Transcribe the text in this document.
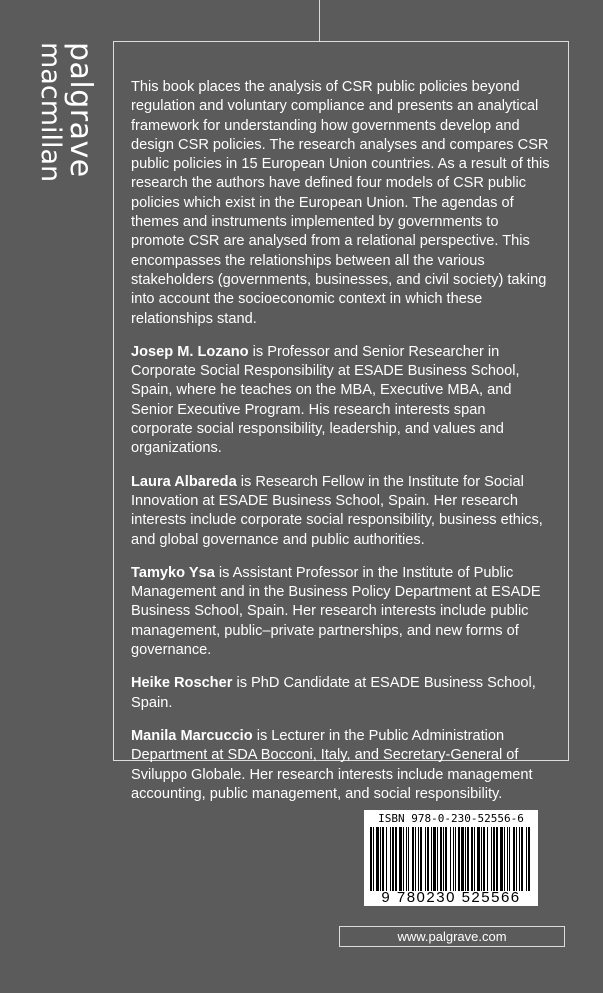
palgrave
macmillan	This book places the analysis of CSR public policies beyond regulation and voluntary compliance and presents an analytical framework for understanding how governments develop and design CSR policies. The research analyses and compares CSR public policies in 15 European Union countries. As a result of this research the authors have defined four models of CSR public policies which exist in the European Union. The agendas of themes and instruments implemented by governments to promote CSR are analysed from a relational perspective. This encompasses the relationships between all the various stakeholders (governments, businesses, and civil society) taking into account the socioeconomic context in which these relationships stand.

Josep M. Lozano is Professor and Senior Researcher in Corporate Social Responsibility at ESADE Business School, Spain, where he teaches on the MBA, Executive MBA, and Senior Executive Program. His research interests span corporate social responsibility, leadership, and values and organizations.

Laura Albareda is Research Fellow in the Institute for Social Innovation at ESADE Business School, Spain. Her research interests include corporate social responsibility, business ethics, and global governance and public authorities.

Tamyko Ysa is Assistant Professor in the Institute of Public Management and in the Business Policy Department at ESADE Business School, Spain. Her research interests include public management, public–private partnerships, and new forms of governance.

Heike Roscher is PhD Candidate at ESADE Business School, Spain.

Manila Marcuccio is Lecturer in the Public Administration Department at SDA Bocconi, Italy, and Secretary-General of Sviluppo Globale. Her research interests include management accounting, public management, and social responsibility.

ISBN 978-0-230-52556-6
9 780230 525566
www.palgrave.com
